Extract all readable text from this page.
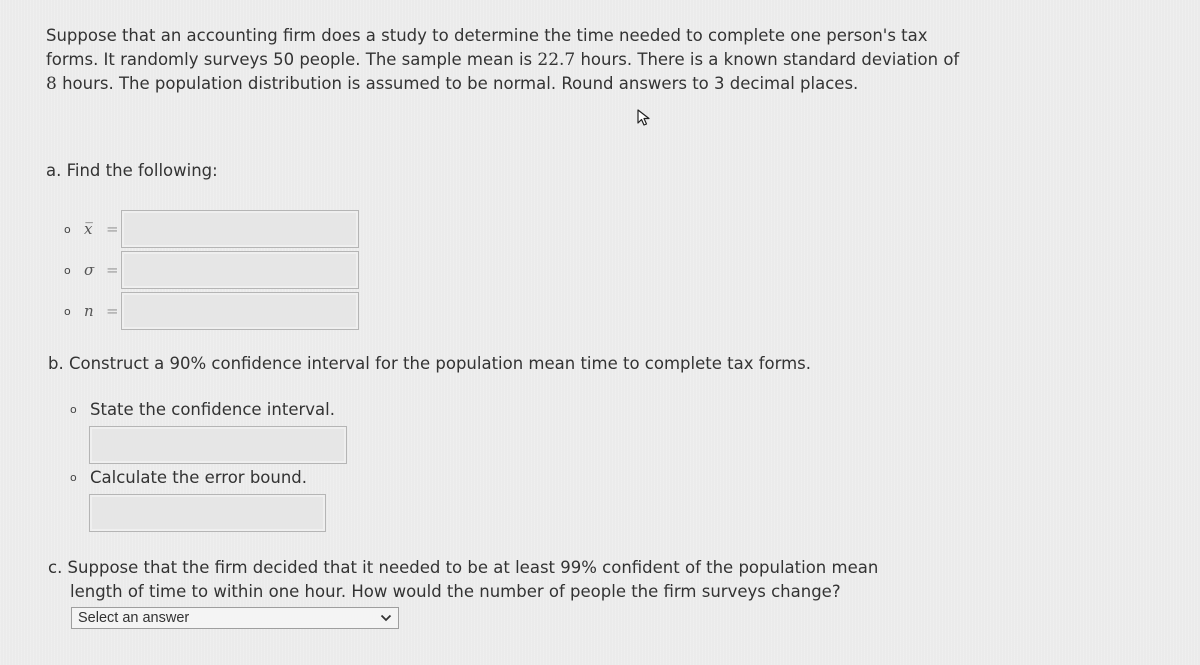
Suppose that an accounting firm does a study to determine the time needed to complete one person's tax forms. It randomly surveys 50 people. The sample mean is 22.7 hours. There is a known standard deviation of 8 hours. The population distribution is assumed to be normal. Round answers to 3 decimal places.
a. Find the following:
o x̅ =
o σ =
o n =
b. Construct a 90% confidence interval for the population mean time to complete tax forms.
o State the confidence interval.
o Calculate the error bound.
c. Suppose that the firm decided that it needed to be at least 99% confident of the population mean
length of time to within one hour. How would the number of people the firm surveys change?
Select an answer
